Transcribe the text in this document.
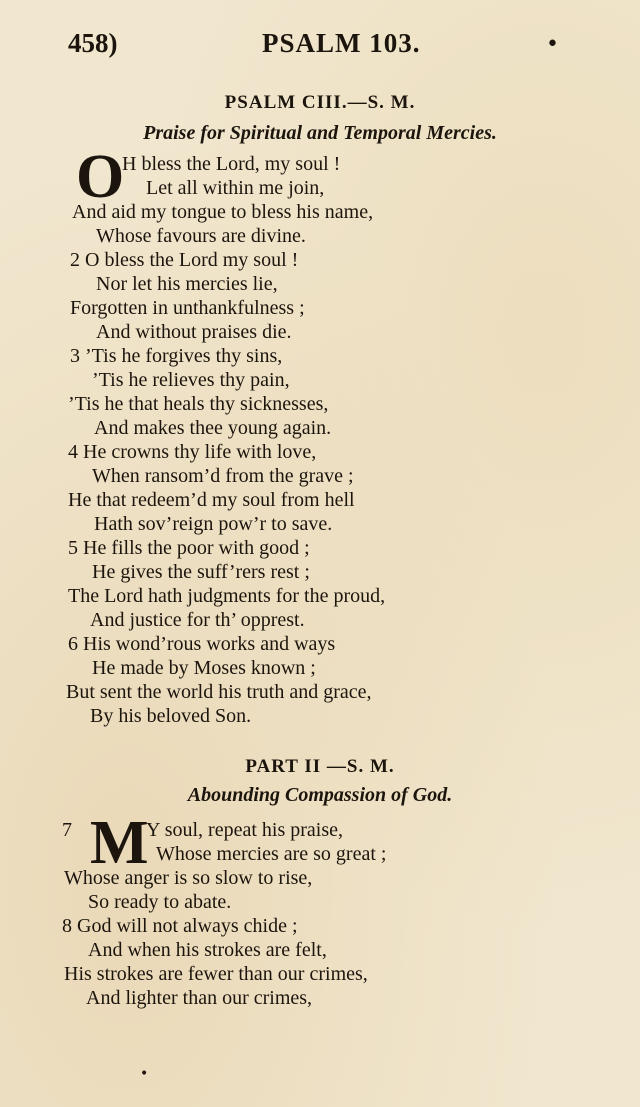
458)	PSALM 103.	•
PSALM CIII.—S. M.
Praise for Spiritual and Temporal Mercies.
O
H bless the Lord, my soul !
Let all within me join,
And aid my tongue to bless his name,
Whose favours are divine.
2 O bless the Lord my soul !
Nor let his mercies lie,
Forgotten in unthankfulness ;
And without praises die.
3 ’Tis he forgives thy sins,
’Tis he relieves thy pain,
’Tis he that heals thy sicknesses,
And makes thee young again.
4 He crowns thy life with love,
When ransom’d from the grave ;
He that redeem’d my soul from hell
Hath sov’reign pow’r to save.
5 He fills the poor with good ;
He gives the suff’rers rest ;
The Lord hath judgments for the proud,
And justice for th’ opprest.
6 His wond’rous works and ways
He made by Moses known ;
But sent the world his truth and grace,
By his beloved Son.
PART II —S. M.
Abounding Compassion of God.
7 M
Y soul, repeat his praise,
Whose mercies are so great ;
Whose anger is so slow to rise,
So ready to abate.
8 God will not always chide ;
And when his strokes are felt,
His strokes are fewer than our crimes,
And lighter than our crimes,
•
